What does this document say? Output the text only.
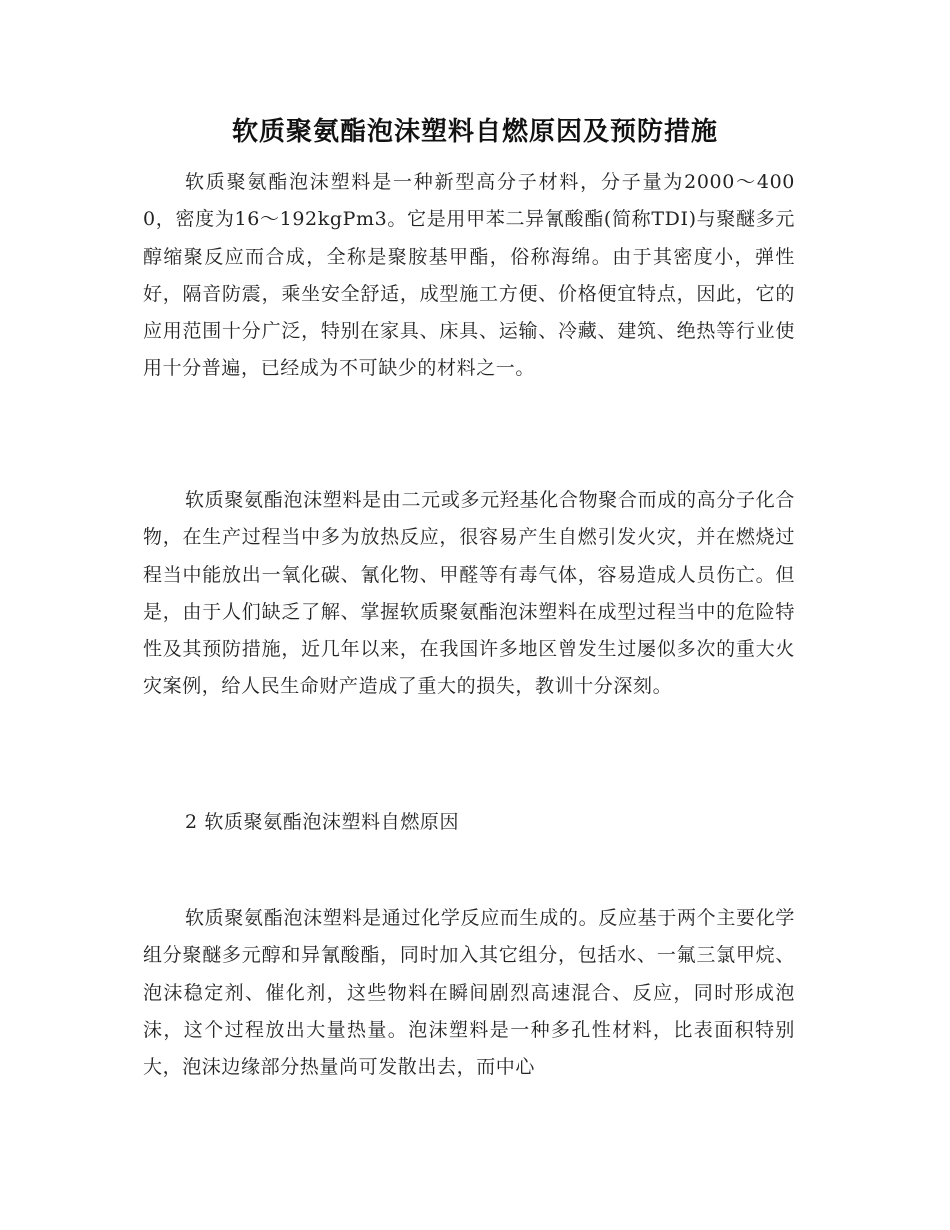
软质聚氨酯泡沫塑料自燃原因及预防措施

软质聚氨酯泡沫塑料是一种新型高分子材料，分子量为2000～4000，密度为16～192kgPm3。它是用甲苯二异氰酸酯(简称TDI)与聚醚多元醇缩聚反应而合成，全称是聚胺基甲酯，俗称海绵。由于其密度小，弹性好，隔音防震，乘坐安全舒适，成型施工方便、价格便宜特点，因此，它的应用范围十分广泛，特别在家具、床具、运输、冷藏、建筑、绝热等行业使用十分普遍，已经成为不可缺少的材料之一。

软质聚氨酯泡沫塑料是由二元或多元羟基化合物聚合而成的高分子化合物，在生产过程当中多为放热反应，很容易产生自燃引发火灾，并在燃烧过程当中能放出一氧化碳、氰化物、甲醛等有毒气体，容易造成人员伤亡。但是，由于人们缺乏了解、掌握软质聚氨酯泡沫塑料在成型过程当中的危险特性及其预防措施，近几年以来，在我国许多地区曾发生过屡似多次的重大火灾案例，给人民生命财产造成了重大的损失，教训十分深刻。

2 软质聚氨酯泡沫塑料自燃原因

软质聚氨酯泡沫塑料是通过化学反应而生成的。反应基于两个主要化学组分聚醚多元醇和异氰酸酯，同时加入其它组分，包括水、一氟三氯甲烷、泡沫稳定剂、催化剂，这些物料在瞬间剧烈高速混合、反应，同时形成泡沫，这个过程放出大量热量。泡沫塑料是一种多孔性材料，比表面积特别大，泡沫边缘部分热量尚可发散出去，而中心
